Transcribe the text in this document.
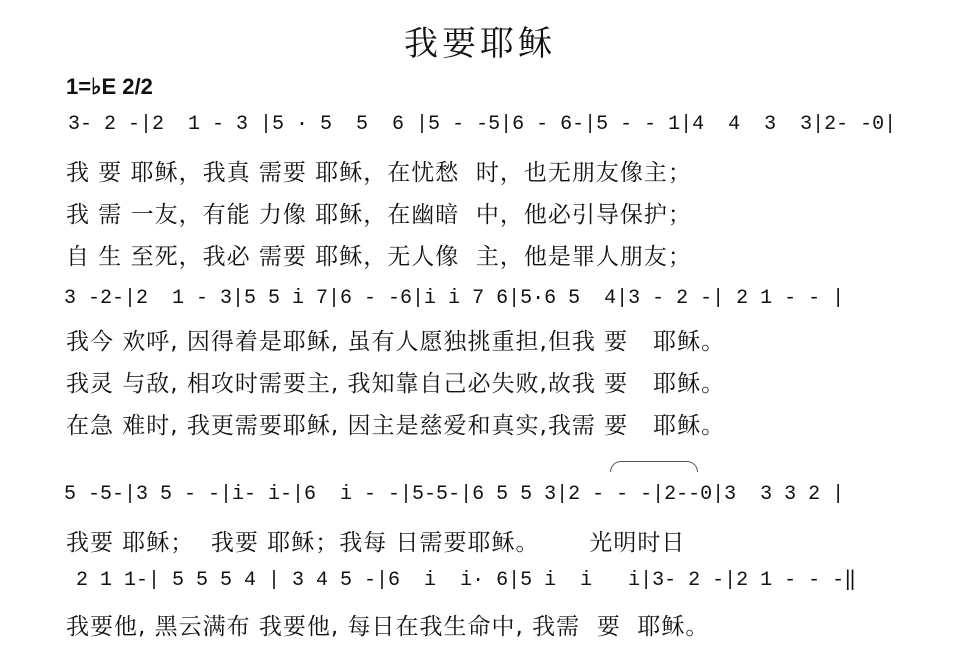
我要耶稣
1=♭E 2/2

3- 2 -|2  1 - 3 |5 · 5  5  6 |5 - -5|6 - 6-|5 - - 1|4  4  3  3|2- -0|

我 要 耶稣，我真 需要 耶稣，在忧愁  时，也无朋友像主；

我 需 一友，有能 力像 耶稣，在幽暗  中，他必引导保护；

自 生 至死，我必 需要 耶稣，无人像  主，他是罪人朋友；

3 -2-|2  1 - 3|5 5 i 7|6 - -6|i i 7 6|5·6 5  4|3 - 2 -| 2 1 - - |

我今 欢呼, 因得着是耶稣, 虽有人愿独挑重担,但我 要   耶稣。

我灵 与敌, 相攻时需要主, 我知靠自己必失败,故我 要   耶稣。

在急 难时, 我更需要耶稣, 因主是慈爱和真实,我需 要   耶稣。

5 -5-|3 5 - -|i- i-|6  i - -|5-5-|6 5 5 3|2 - - -|2--0|3  3 3 2 |

我要 耶稣；  我要 耶稣；我每 日需要耶稣。      光明时日

2 1 1-| 5 5 5 4 | 3 4 5 -|6  i  i· 6|5 i  i   i|3- 2 -|2 1 - - -‖

我要他, 黑云满布 我要他, 每日在我生命中, 我需  要  耶稣。
